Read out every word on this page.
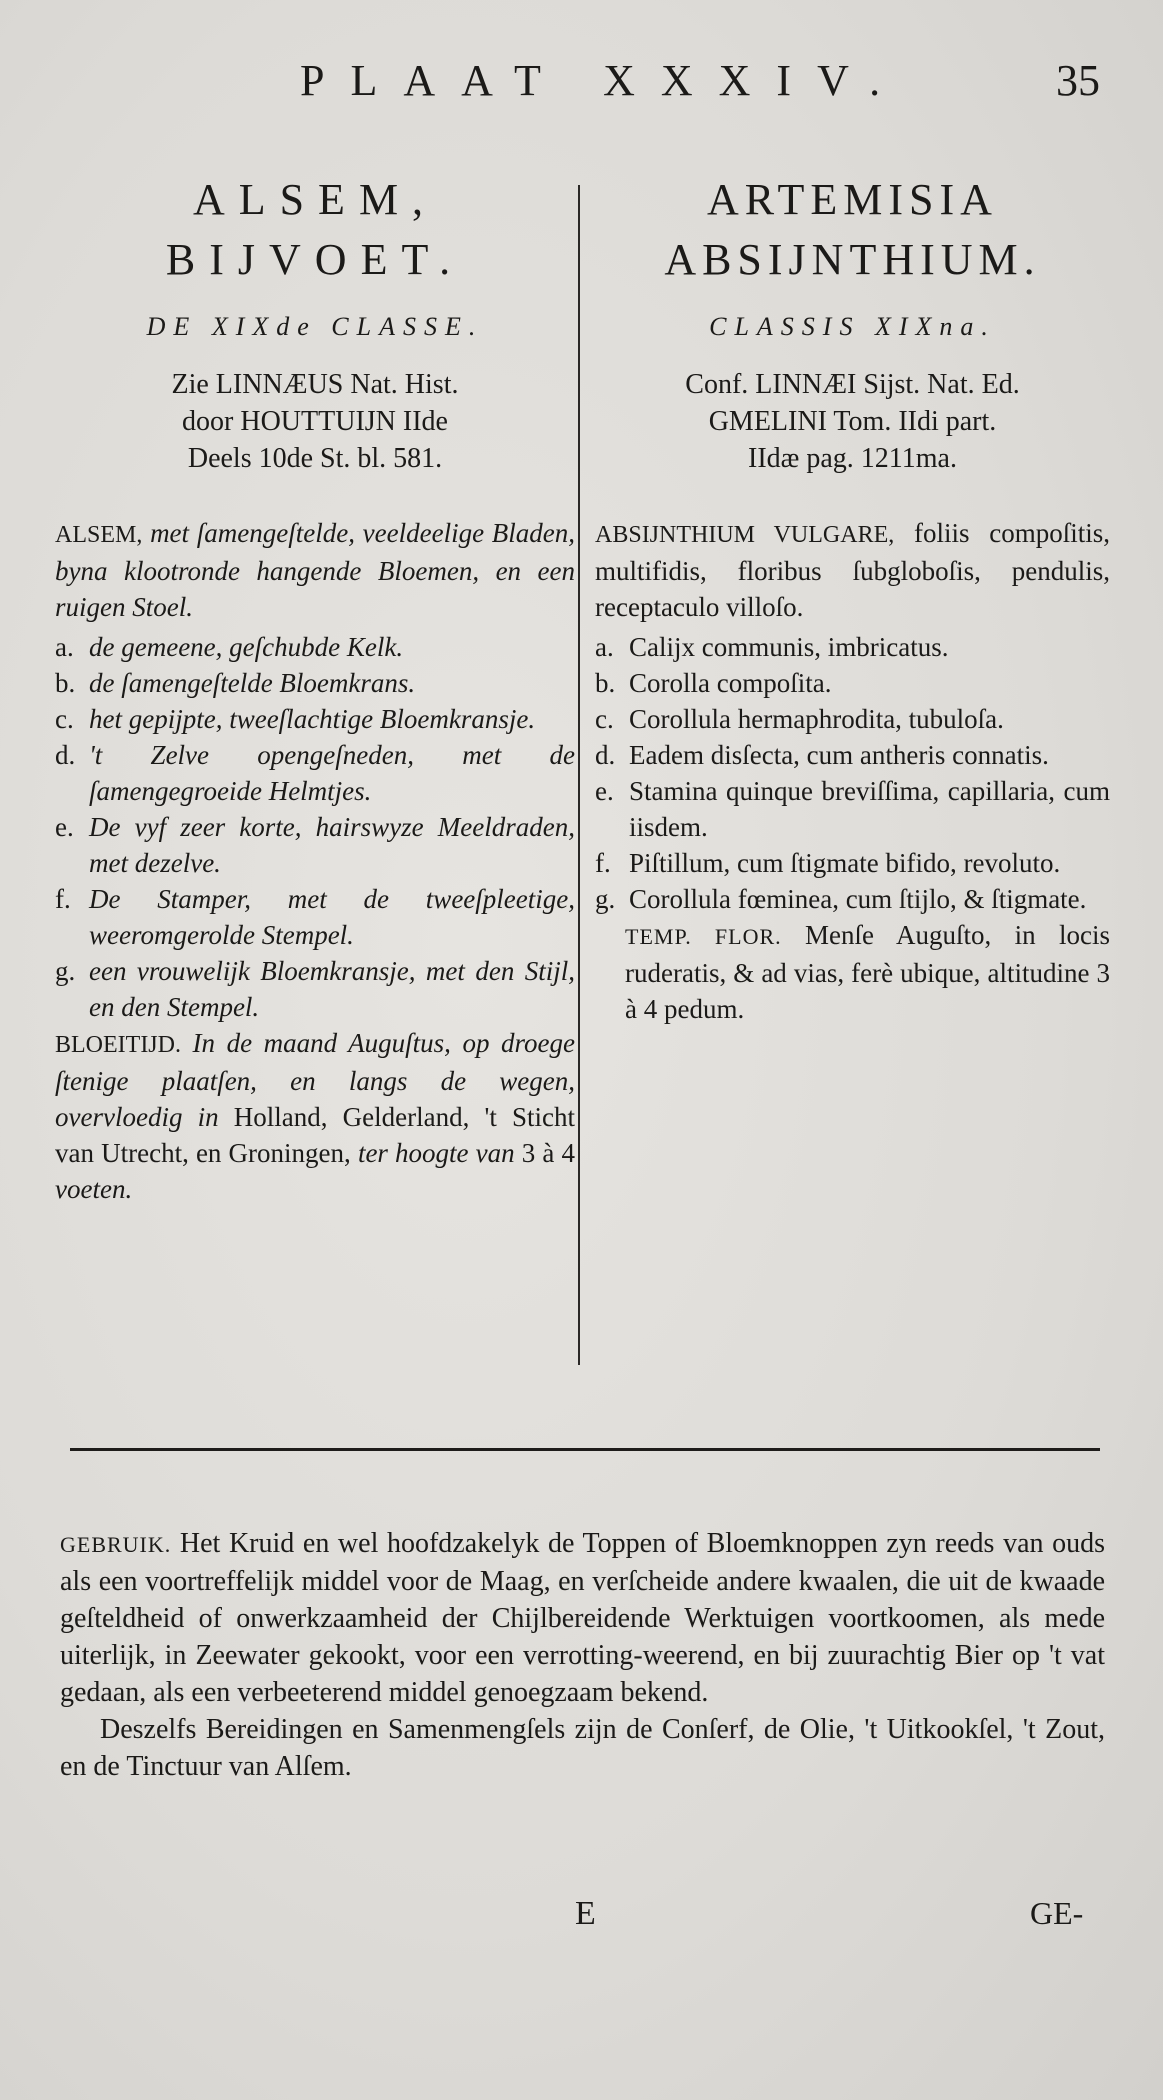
PLAAT XXXIV.	35

ALSEM,

BIJVOET.

DE XIXde CLASSE.
Zie LINNÆUS Nat. Hist.
door HOUTTUIJN IIde
Deels 10de St. bl. 581.
ALSEM, met ſamengeſtelde, veeldeelige Bladen, byna klootronde hangende Bloemen, en een ruigen Stoel.
a. de gemeene, geſchubde Kelk.
b. de ſamengeſtelde Bloemkrans.
c. het gepijpte, tweeſlachtige Bloemkransje.
d. 't Zelve opengeſneden, met de ſamengegroeide Helmtjes.
e. De vyf zeer korte, hairswyze Meeldraden, met dezelve.
f. De Stamper, met de tweeſpleetige, weeromgerolde Stempel.
g. een vrouwelijk Bloemkransje, met den Stijl, en den Stempel.
BLOEITIJD. In de maand Auguſtus, op droege ſtenige plaatſen, en langs de wegen, overvloedig in Holland, Gelderland, 't Sticht van Utrecht, en Groningen, ter hoogte van 3 à 4 voeten.

ARTEMISIA

ABSIJNTHIUM.

CLASSIS XIXna.
Conf. LINNÆI Sijst. Nat. Ed.
GMELINI Tom. IIdi part.
IIdæ pag. 1211ma.
ABSIJNTHIUM VULGARE, foliis compoſitis, multifidis, floribus ſubgloboſis, pendulis, receptaculo villoſo.
a. Calijx communis, imbricatus.
b. Corolla compoſita.
c. Corollula hermaphrodita, tubuloſa.
d. Eadem disſecta, cum antheris connatis.
e. Stamina quinque breviſſima, capillaria, cum iisdem.
f. Piſtillum, cum ſtigmate bifido, revoluto.
g. Corollula fœminea, cum ſtijlo, & ſtigmate.
TEMP. FLOR. Menſe Auguſto, in locis ruderatis, & ad vias, ferè ubique, altitudine 3 à 4 pedum.

GEBRUIK. Het Kruid en wel hoofdzakelyk de Toppen of Bloemknoppen zyn reeds van ouds als een voortreffelijk middel voor de Maag, en verſcheide andere kwaalen, die uit de kwaade geſteldheid of onwerkzaamheid der Chijlbereidende Werktuigen voortkoomen, als mede uiterlijk, in Zeewater gekookt, voor een verrotting-weerend, en bij zuurachtig Bier op 't vat gedaan, als een verbeeterend middel genoegzaam bekend.

Deszelfs Bereidingen en Samenmengſels zijn de Conſerf, de Olie, 't Uitkookſel, 't Zout, en de Tinctuur van Alſem.

E	GE-
